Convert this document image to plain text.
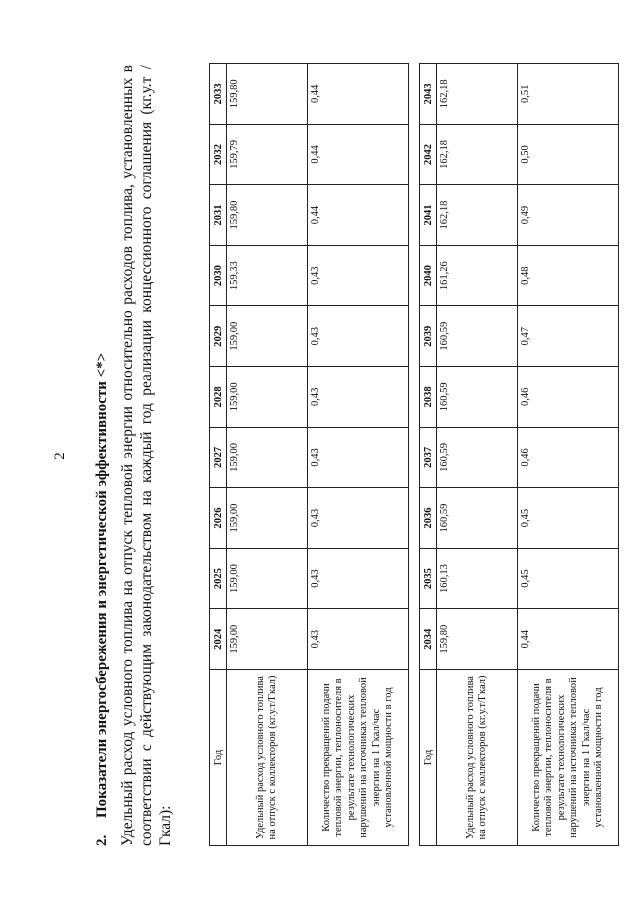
2
2.Показатели энергосбережения и энергетической эффективности <*> Удельный расход условного топлива на отпуск тепловой энергии относительно расходов топлива, установленных в соответствии с действующим законодательством на каждый год реализации концессионного соглашения (кг.у.т /Гкал):
Год	2024	2025	2026	2027	2028	2029	2030	2031	2032	2033
Удельный расход условного топлива на отпуск с коллекторов (кг.у.т/Гкал)	159,00	159,00	159,00	159,00	159,00	159,00	159,33	159,80	159,79	159,80
Количество прекращений подачи тепловой энергии, теплоносителя в результате технологических нарушений на источниках тепловой энергии на 1 Гкал/час установленной мощности в год	0,43	0,43	0,43	0,43	0,43	0,43	0,43	0,44	0,44	0,44

Год	2034	2035	2036	2037	2038	2039	2040	2041	2042	2043
Удельный расход условного топлива на отпуск с коллекторов (кг.у.т/Гкал)	159,80	160,13	160,59	160,59	160,59	160,59	161,26	162,18	162,18	162,18
Количество прекращений подачи тепловой энергии, теплоносителя в результате технологических нарушений на источниках тепловой энергии на 1 Гкал/час установленной мощности в год	0,44	0,45	0,45	0,46	0,46	0,47	0,48	0,49	0,50	0,51
